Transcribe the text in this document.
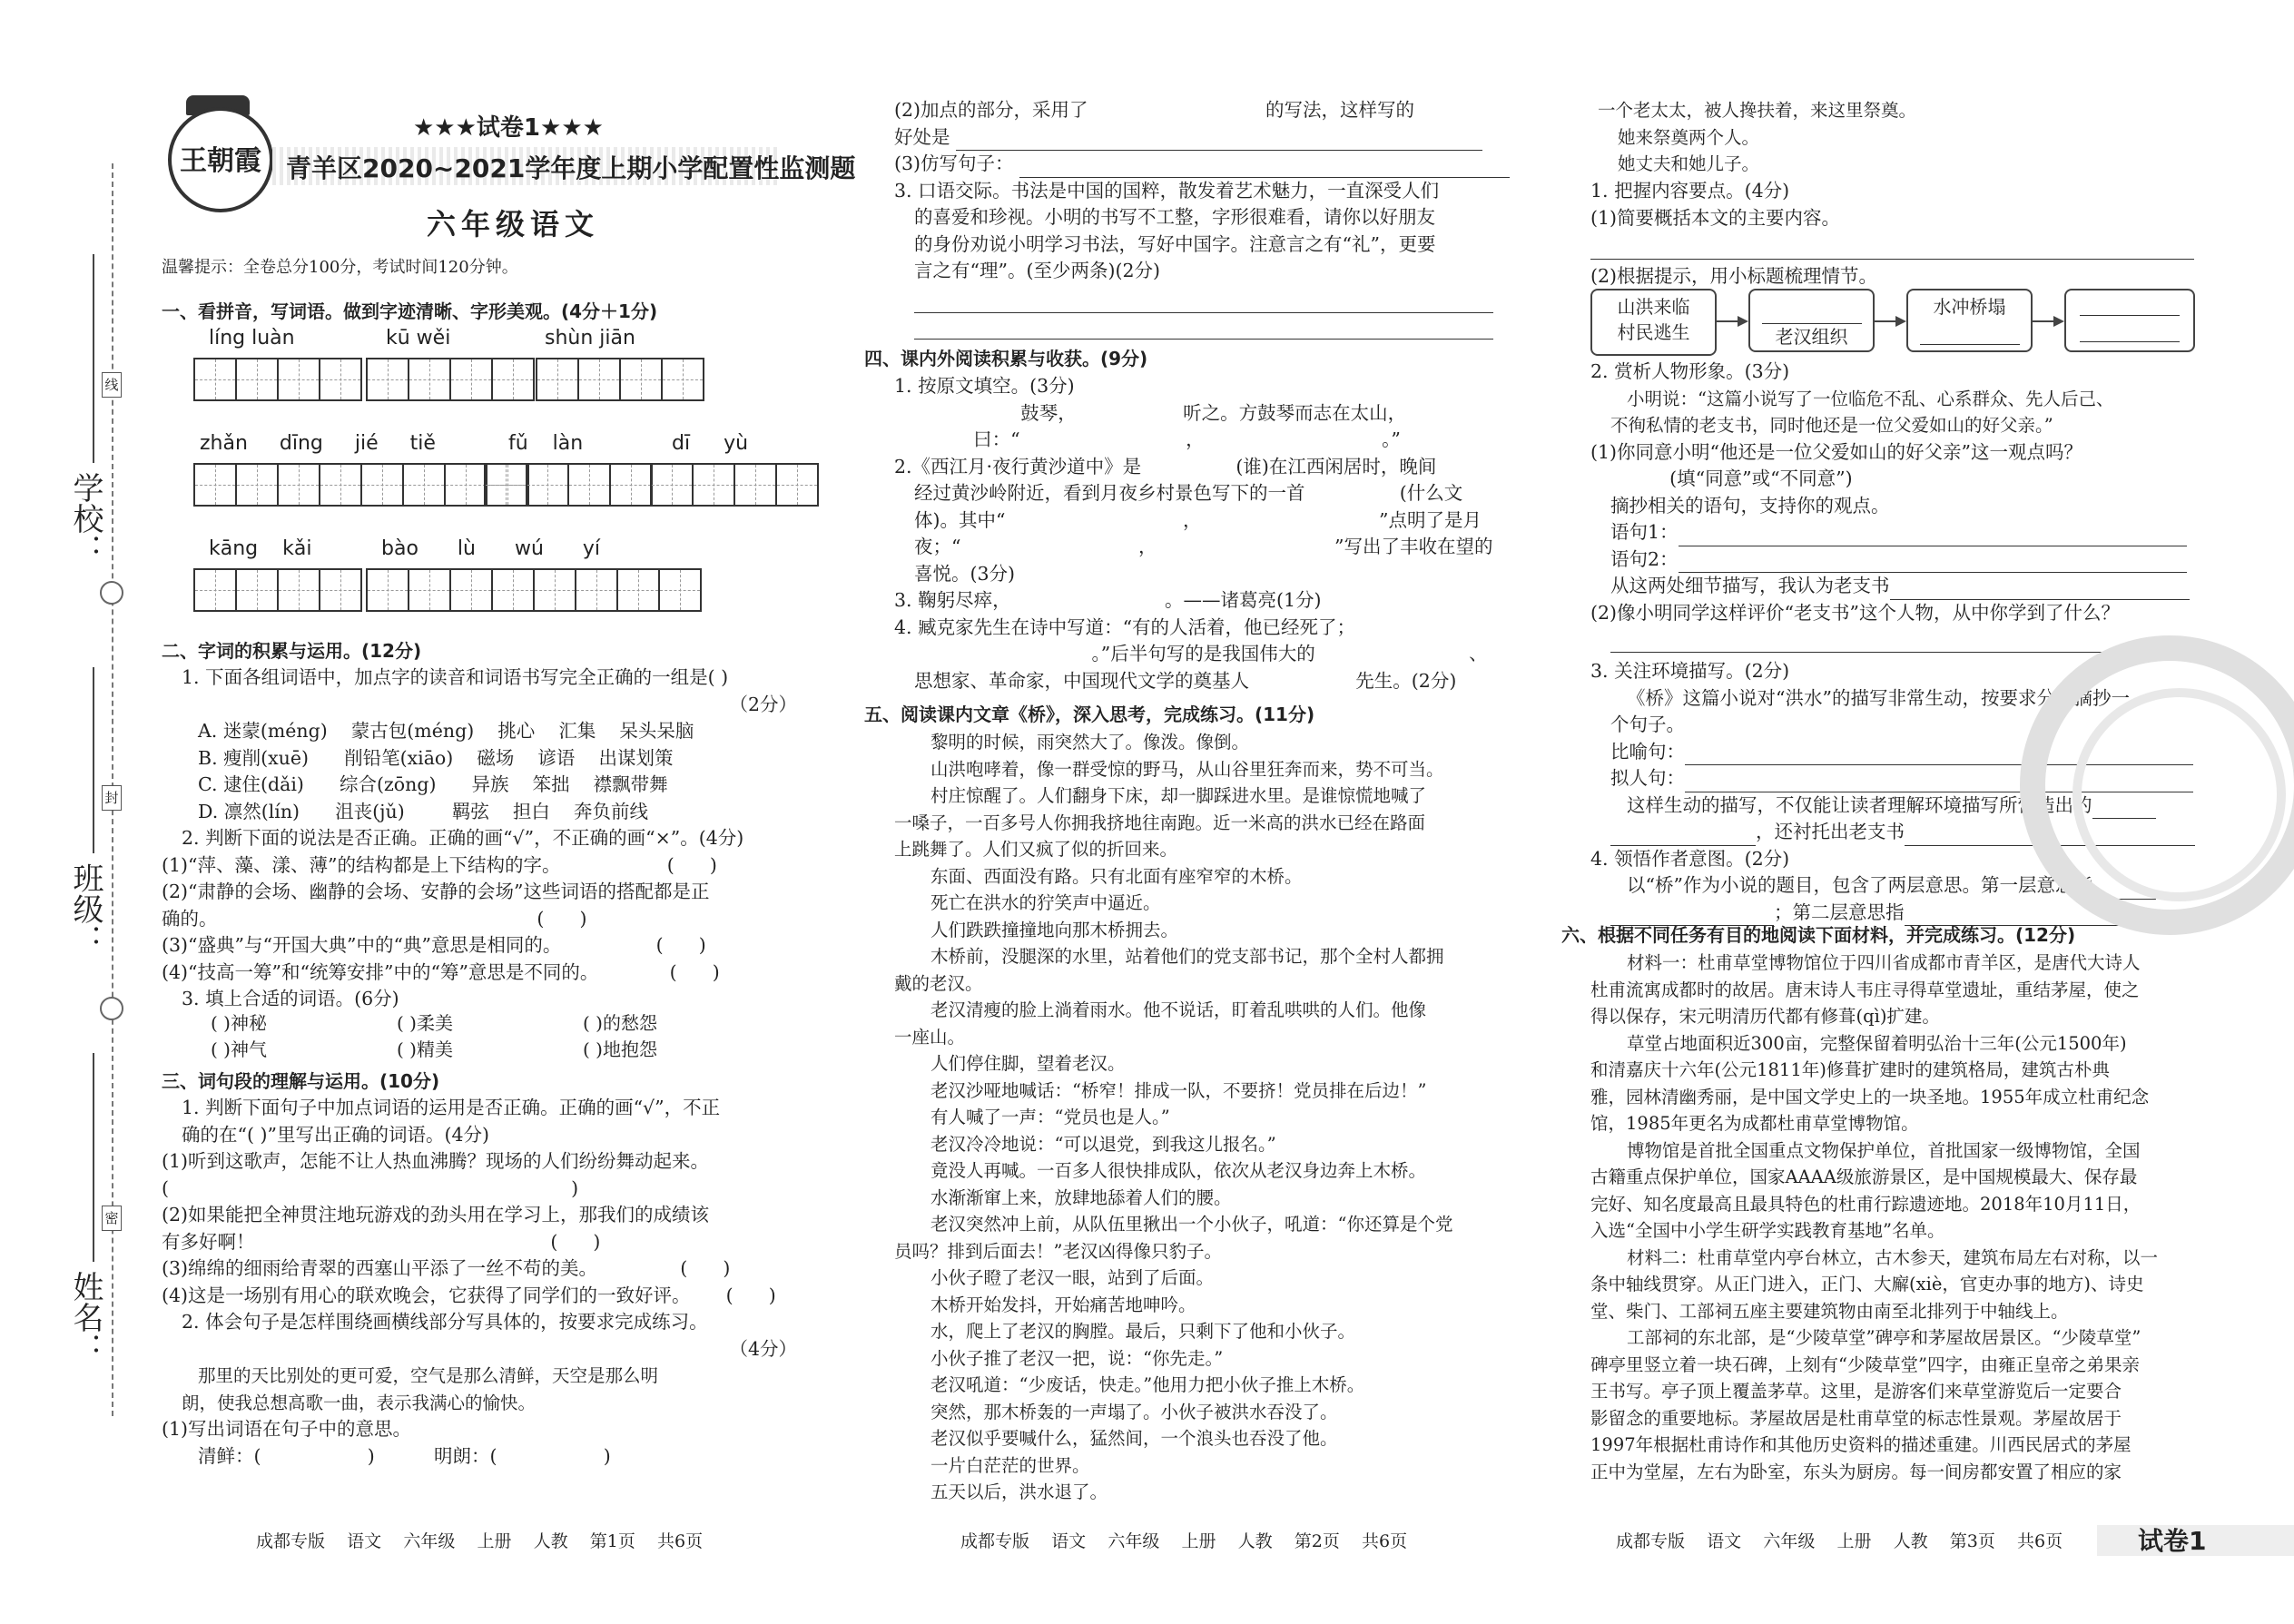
学校：
班级：
姓名：
线
封
密
王朝霞
★★★试卷1★★★
青羊区2020~2021学年度上期小学配置性监测题
六年级语文
温馨提示：全卷总分100分，考试时间120分钟。
一、看拼音，写词语。做到字迹清晰、字形美观。(4分＋1分)
líng luàn	kū wěi	shùn jiān
zhǎn dīng jié tiě	fǔ làn	dī yù
kāng kǎi	bào lù wú yí
二、字词的积累与运用。(12分)
1. 下面各组词语中，加点字的读音和词语书写完全正确的一组是( )
（2分）
A. 迷蒙(méng)    蒙古包(méng)    挑心    汇集    呆头呆脑
B. 瘦削(xuē)      削铅笔(xiāo)    磁场    谚语    出谋划策
C. 逮住(dǎi)      综合(zōng)      异族    笨拙    襟飘带舞
D. 凛然(lín)      沮丧(jǔ)        羁弦    担白    奔负前线
2. 判断下面的说法是否正确。正确的画“√”，不正确的画“×”。(4分)
(1)“萍、藻、漾、薄”的结构都是上下结构的字。                  (      )
(2)“肃静的会场、幽静的会场、安静的会场”这些词语的搭配都是正
确的。                                                      (      )
(3)“盛典”与“开国大典”中的“典”意思是相同的。                (      )
(4)“技高一筹”和“统筹安排”中的“筹”意思是不同的。            (      )
3. 填上合适的词语。(6分)
( )神秘	( )柔美	( )的愁怨
( )神气	( )精美	( )地抱怨
三、词句段的理解与运用。(10分)
1. 判断下面句子中加点词语的运用是否正确。正确的画“√”，不正
确的在“( )”里写出正确的词语。(4分)
(1)听到这歌声，怎能不让人热血沸腾？现场的人们纷纷舞动起来。
(                                                                    )
(2)如果能把全神贯注地玩游戏的劲头用在学习上，那我们的成绩该
有多好啊！                                                  (      )
(3)绵绵的细雨给青翠的西塞山平添了一丝不苟的美。              (      )
(4)这是一场别有用心的联欢晚会，它获得了同学们的一致好评。      (      )
2. 体会句子是怎样围绕画横线部分写具体的，按要求完成练习。
（4分）
那里的天比别处的更可爱，空气是那么清鲜，天空是那么明
朗，使我总想高歌一曲，表示我满心的愉快。
(1)写出词语在句子中的意思。
清鲜：(                  )          明朗：(                  )
(2)加点的部分，采用了                              的写法，这样写的
好处是
(3)仿写句子：
3. 口语交际。书法是中国的国粹，散发着艺术魅力，一直深受人们
的喜爱和珍视。小明的书写不工整，字形很难看，请你以好朋友
的身份劝说小明学习书法，写好中国字。注意言之有“礼”，更要
言之有“理”。(至少两条)(2分)
四、课内外阅读积累与收获。(9分)
1. 按原文填空。(3分)
鼓琴，                  听之。方鼓琴而志在太山，
曰：“                            ，                              。”
2.《西江月·夜行黄沙道中》是                (谁)在江西闲居时，晚间
经过黄沙岭附近，看到月夜乡村景色写下的一首                (什么文
体)。其中“                              ，                              ”点明了是月
夜；“                              ，                              ”写出了丰收在望的
喜悦。(3分)
3. 鞠躬尽瘁，                          。——诸葛亮(1分)
4. 臧克家先生在诗中写道：“有的人活着，他已经死了；
。”后半句写的是我国伟大的                          、
思想家、革命家，中国现代文学的奠基人                  先生。(2分)
五、阅读课内文章《桥》，深入思考，完成练习。(11分)
黎明的时候，雨突然大了。像泼。像倒。
山洪咆哮着，像一群受惊的野马，从山谷里狂奔而来，势不可当。
村庄惊醒了。人们翻身下床，却一脚踩进水里。是谁惊慌地喊了
一嗓子，一百多号人你拥我挤地往南跑。近一米高的洪水已经在路面
上跳舞了。人们又疯了似的折回来。
东面、西面没有路。只有北面有座窄窄的木桥。
死亡在洪水的狞笑声中逼近。
人们跌跌撞撞地向那木桥拥去。
木桥前，没腿深的水里，站着他们的党支部书记，那个全村人都拥
戴的老汉。
老汉清瘦的脸上淌着雨水。他不说话，盯着乱哄哄的人们。他像
一座山。
人们停住脚，望着老汉。
老汉沙哑地喊话：“桥窄！排成一队，不要挤！党员排在后边！”
有人喊了一声：“党员也是人。”
老汉冷冷地说：“可以退党，到我这儿报名。”
竟没人再喊。一百多人很快排成队，依次从老汉身边奔上木桥。
水渐渐窜上来，放肆地舔着人们的腰。
老汉突然冲上前，从队伍里揪出一个小伙子，吼道：“你还算是个党
员吗？排到后面去！”老汉凶得像只豹子。
小伙子瞪了老汉一眼，站到了后面。
木桥开始发抖，开始痛苦地呻吟。
水，爬上了老汉的胸膛。最后，只剩下了他和小伙子。
小伙子推了老汉一把，说：“你先走。”
老汉吼道：“少废话，快走。”他用力把小伙子推上木桥。
突然，那木桥轰的一声塌了。小伙子被洪水吞没了。
老汉似乎要喊什么，猛然间，一个浪头也吞没了他。
一片白茫茫的世界。
五天以后，洪水退了。
一个老太太，被人搀扶着，来这里祭奠。
她来祭奠两个人。
她丈夫和她儿子。
1. 把握内容要点。(4分)
(1)简要概括本文的主要内容。
(2)根据提示，用小标题梳理情节。
山洪来临
村民逃生	老汉组织
水冲桥塌

2. 赏析人物形象。(3分)
小明说：“这篇小说写了一位临危不乱、心系群众、先人后己、
不徇私情的老支书，同时他还是一位父爱如山的好父亲。”
(1)你同意小明“他还是一位父爱如山的好父亲”这一观点吗？
(填“同意”或“不同意”)
摘抄相关的语句，支持你的观点。
语句1：
语句2：
从这两处细节描写，我认为老支书
(2)像小明同学这样评价“老支书”这个人物，从中你学到了什么？
3. 关注环境描写。(2分)
《桥》这篇小说对“洪水”的描写非常生动，按要求分别摘抄一
个句子。
比喻句：
拟人句：
这样生动的描写，不仅能让读者理解环境描写所营造出的
，还衬托出老支书
4. 领悟作者意图。(2分)
以“桥”作为小说的题目，包含了两层意思。第一层意思指
；第二层意思指
六、根据不同任务有目的地阅读下面材料，并完成练习。(12分)
材料一：杜甫草堂博物馆位于四川省成都市青羊区，是唐代大诗人
杜甫流寓成都时的故居。唐末诗人韦庄寻得草堂遗址，重结茅屋，使之
得以保存，宋元明清历代都有修葺(qì)扩建。
草堂占地面积近300亩，完整保留着明弘治十三年(公元1500年)
和清嘉庆十六年(公元1811年)修葺扩建时的建筑格局，建筑古朴典
雅，园林清幽秀丽，是中国文学史上的一块圣地。1955年成立杜甫纪念
馆，1985年更名为成都杜甫草堂博物馆。
博物馆是首批全国重点文物保护单位，首批国家一级博物馆，全国
古籍重点保护单位，国家AAAA级旅游景区，是中国规模最大、保存最
完好、知名度最高且最具特色的杜甫行踪遗迹地。2018年10月11日，
入选“全国中小学生研学实践教育基地”名单。
材料二：杜甫草堂内亭台林立，古木参天，建筑布局左右对称，以一
条中轴线贯穿。从正门进入，正门、大廨(xiè，官吏办事的地方)、诗史
堂、柴门、工部祠五座主要建筑物由南至北排列于中轴线上。
工部祠的东北部，是“少陵草堂”碑亭和茅屋故居景区。“少陵草堂”
碑亭里竖立着一块石碑，上刻有“少陵草堂”四字，由雍正皇帝之弟果亲
王书写。亭子顶上覆盖茅草。这里，是游客们来草堂游览后一定要合
影留念的重要地标。茅屋故居是杜甫草堂的标志性景观。茅屋故居于
1997年根据杜甫诗作和其他历史资料的描述重建。川西民居式的茅屋
正中为堂屋，左右为卧室，东头为厨房。每一间房都安置了相应的家
成都专版    语文    六年级    上册    人教    第1页    共6页	成都专版    语文    六年级    上册    人教    第2页    共6页	成都专版    语文    六年级    上册    人教    第3页    共6页	试卷1
